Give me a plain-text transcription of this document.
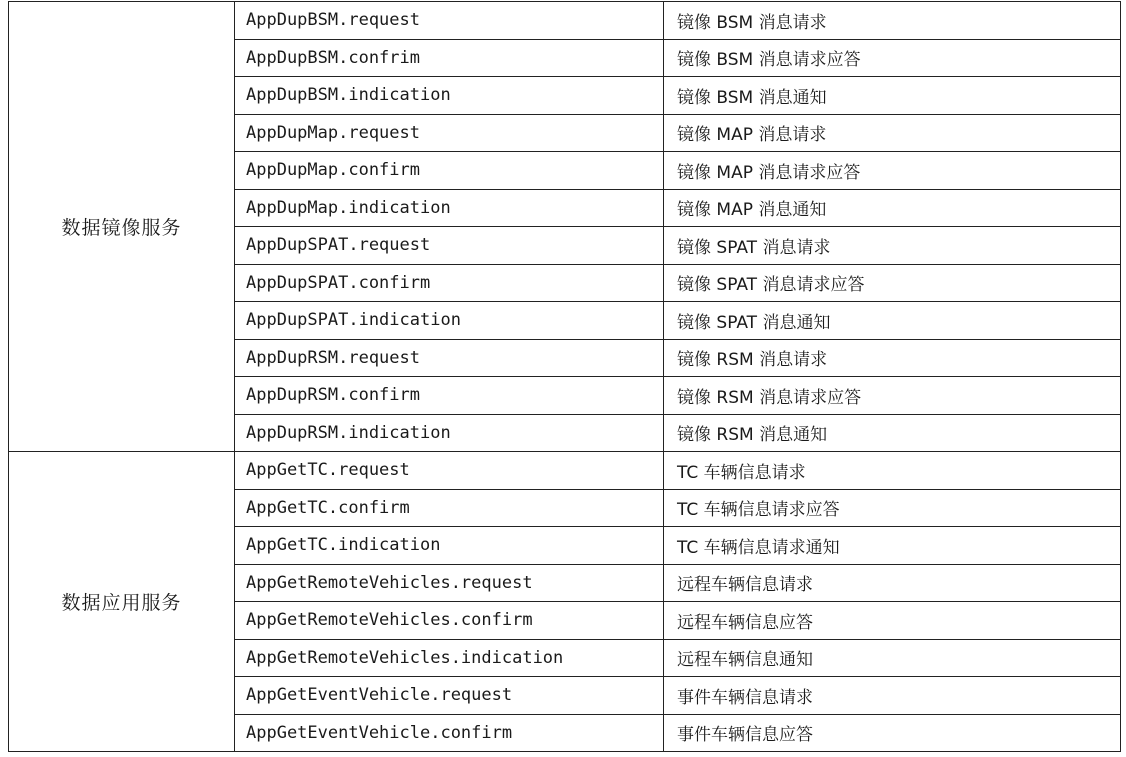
数据镜像服务	AppDupBSM.request	镜像 BSM 消息请求
	AppDupBSM.confrim	镜像 BSM 消息请求应答
	AppDupBSM.indication	镜像 BSM 消息通知
	AppDupMap.request	镜像 MAP 消息请求
	AppDupMap.confirm	镜像 MAP 消息请求应答
	AppDupMap.indication	镜像 MAP 消息通知
	AppDupSPAT.request	镜像 SPAT 消息请求
	AppDupSPAT.confirm	镜像 SPAT 消息请求应答
	AppDupSPAT.indication	镜像 SPAT 消息通知
	AppDupRSM.request	镜像 RSM 消息请求
	AppDupRSM.confirm	镜像 RSM 消息请求应答
	AppDupRSM.indication	镜像 RSM 消息通知
数据应用服务	AppGetTC.request	TC 车辆信息请求
	AppGetTC.confirm	TC 车辆信息请求应答
	AppGetTC.indication	TC 车辆信息请求通知
	AppGetRemoteVehicles.request	远程车辆信息请求
	AppGetRemoteVehicles.confirm	远程车辆信息应答
	AppGetRemoteVehicles.indication	远程车辆信息通知
	AppGetEventVehicle.request	事件车辆信息请求
	AppGetEventVehicle.confirm	事件车辆信息应答
